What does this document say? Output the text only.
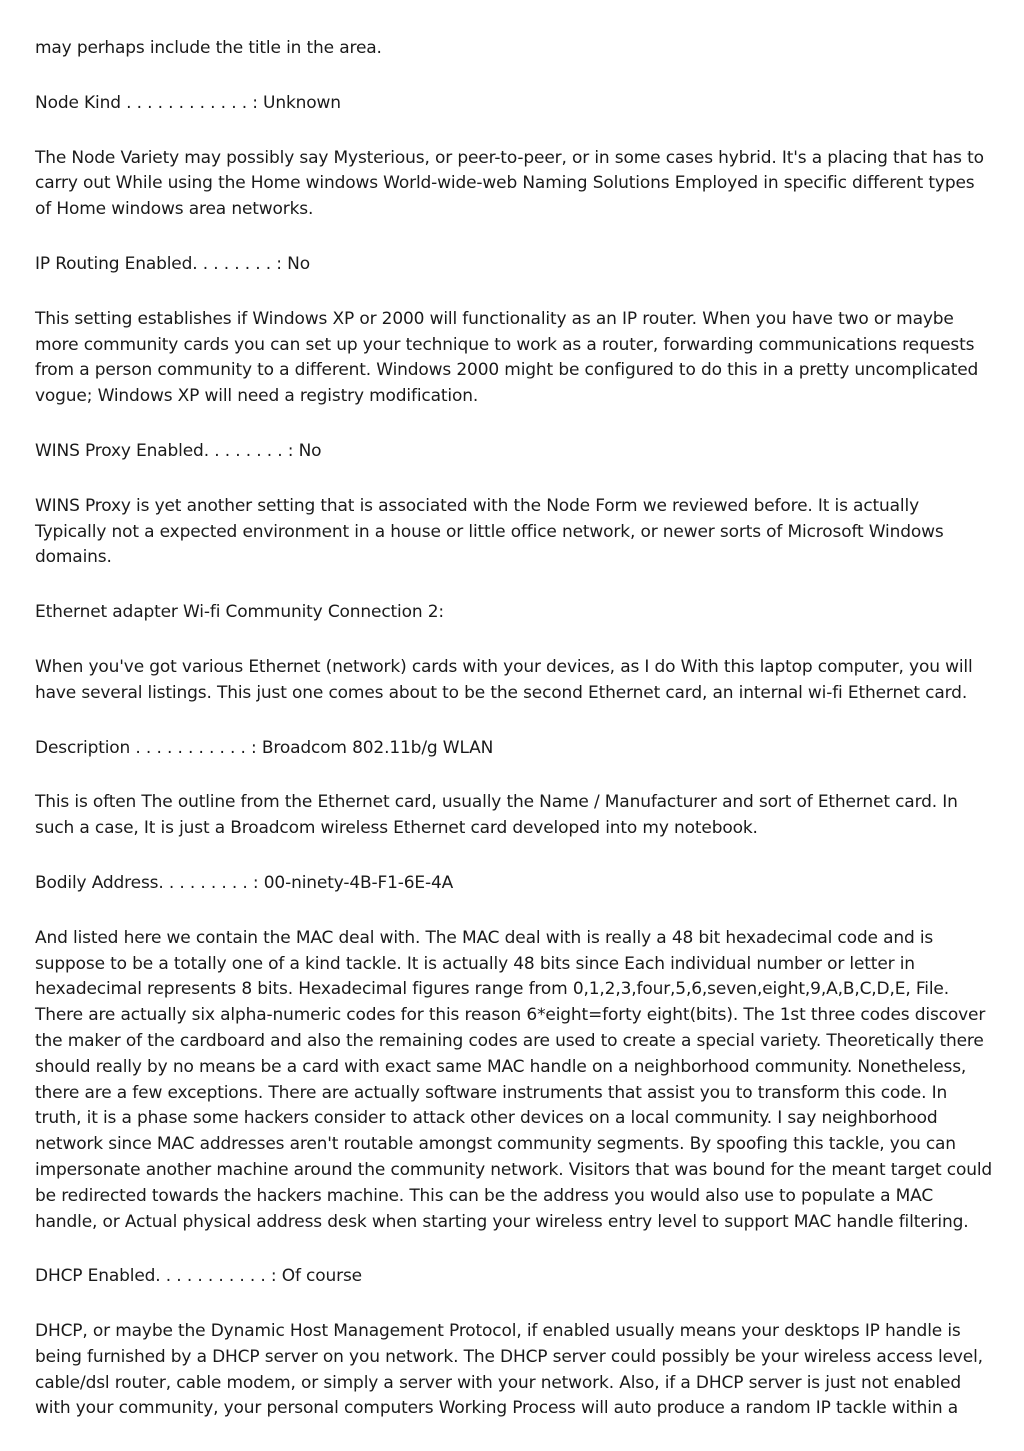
may perhaps include the title in the area.

Node Kind . . . . . . . . . . . . : Unknown

The Node Variety may possibly say Mysterious, or peer-to-peer, or in some cases hybrid. It's a placing that has to carry out While using the Home windows World-wide-web Naming Solutions Employed in specific different types of Home windows area networks.

IP Routing Enabled. . . . . . . . : No

This setting establishes if Windows XP or 2000 will functionality as an IP router. When you have two or maybe more community cards you can set up your technique to work as a router, forwarding communications requests from a person community to a different. Windows 2000 might be configured to do this in a pretty uncomplicated vogue; Windows XP will need a registry modification.

WINS Proxy Enabled. . . . . . . . : No

WINS Proxy is yet another setting that is associated with the Node Form we reviewed before. It is actually Typically not a expected environment in a house or little office network, or newer sorts of Microsoft Windows domains.

Ethernet adapter Wi-fi Community Connection 2:

When you've got various Ethernet (network) cards with your devices, as I do With this laptop computer, you will have several listings. This just one comes about to be the second Ethernet card, an internal wi-fi Ethernet card.

Description . . . . . . . . . . . : Broadcom 802.11b/g WLAN

This is often The outline from the Ethernet card, usually the Name / Manufacturer and sort of Ethernet card. In such a case, It is just a Broadcom wireless Ethernet card developed into my notebook.

Bodily Address. . . . . . . . . : 00-ninety-4B-F1-6E-4A

And listed here we contain the MAC deal with. The MAC deal with is really a 48 bit hexadecimal code and is suppose to be a totally one of a kind tackle. It is actually 48 bits since Each individual number or letter in hexadecimal represents 8 bits. Hexadecimal figures range from 0,1,2,3,four,5,6,seven,eight,9,A,B,C,D,E, File. There are actually six alpha-numeric codes for this reason 6*eight=forty eight(bits). The 1st three codes discover the maker of the cardboard and also the remaining codes are used to create a special variety. Theoretically there should really by no means be a card with exact same MAC handle on a neighborhood community. Nonetheless, there are a few exceptions. There are actually software instruments that assist you to transform this code. In truth, it is a phase some hackers consider to attack other devices on a local community. I say neighborhood network since MAC addresses aren't routable amongst community segments. By spoofing this tackle, you can impersonate another machine around the community network. Visitors that was bound for the meant target could be redirected towards the hackers machine. This can be the address you would also use to populate a MAC handle, or Actual physical address desk when starting your wireless entry level to support MAC handle filtering.

DHCP Enabled. . . . . . . . . . . : Of course

DHCP, or maybe the Dynamic Host Management Protocol, if enabled usually means your desktops IP handle is being furnished by a DHCP server on you network. The DHCP server could possibly be your wireless access level, cable/dsl router, cable modem, or simply a server with your network. Also, if a DHCP server is just not enabled with your community, your personal computers Working Process will auto produce a random IP tackle within a
